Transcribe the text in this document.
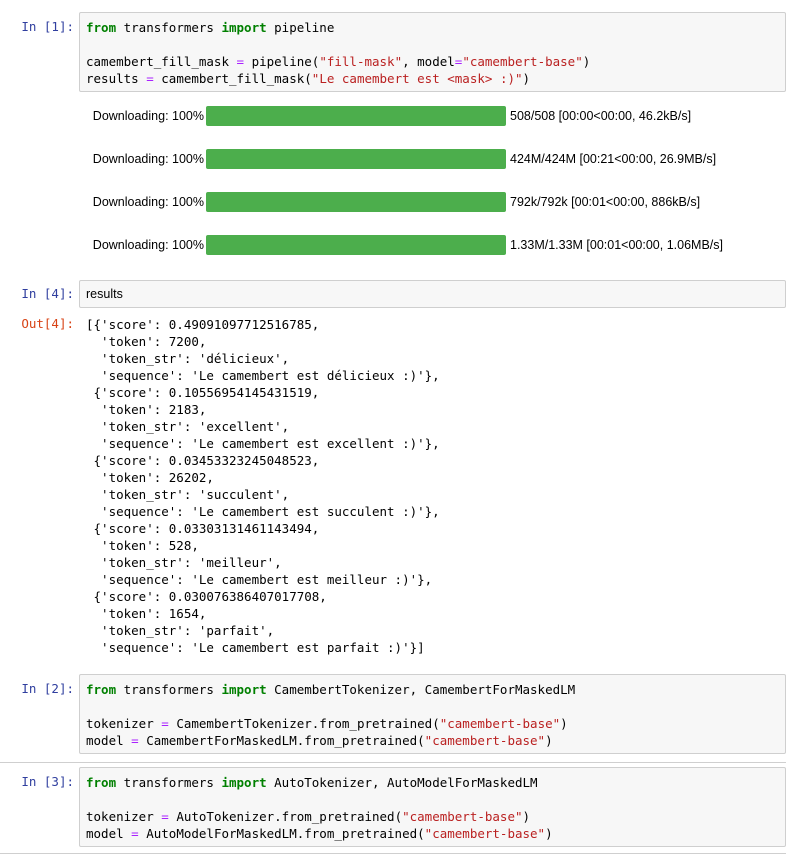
In [1]: from transformers import pipeline
camembert_fill_mask = pipeline("fill-mask", model="camembert-base")
results = camembert_fill_mask("Le camembert est <mask> :)")
Downloading: 100%	508/508 [00:00<00:00, 46.2kB/s]
Downloading: 100%	424M/424M [00:21<00:00, 26.9MB/s]
Downloading: 100%	792k/792k [00:01<00:00, 886kB/s]
Downloading: 100%	1.33M/1.33M [00:01<00:00, 1.06MB/s]
In [4]: results
Out[4]: [{'score': 0.49091097712516785,
'token': 7200,
'token_str': 'délicieux',
'sequence': 'Le camembert est délicieux :)'},
{'score': 0.10556954145431519,
'token': 2183,
'token_str': 'excellent',
'sequence': 'Le camembert est excellent :)'},
{'score': 0.03453323245048523,
'token': 26202,
'token_str': 'succulent',
'sequence': 'Le camembert est succulent :)'},
{'score': 0.03303131461143494,
'token': 528,
'token_str': 'meilleur',
'sequence': 'Le camembert est meilleur :)'},
{'score': 0.030076386407017708,
'token': 1654,
'token_str': 'parfait',
'sequence': 'Le camembert est parfait :)'}]
In [2]: from transformers import CamembertTokenizer, CamembertForMaskedLM
tokenizer = CamembertTokenizer.from_pretrained("camembert-base")
model = CamembertForMaskedLM.from_pretrained("camembert-base")
In [3]: from transformers import AutoTokenizer, AutoModelForMaskedLM
tokenizer = AutoTokenizer.from_pretrained("camembert-base")
model = AutoModelForMaskedLM.from_pretrained("camembert-base")
